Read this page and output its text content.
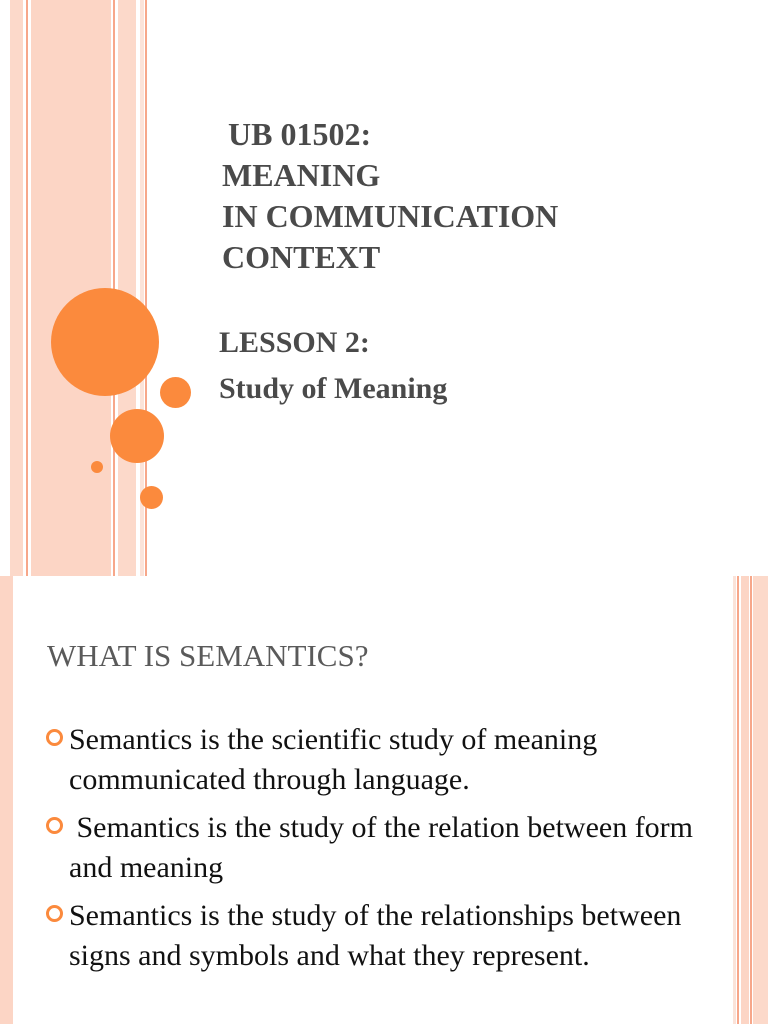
UB 01502:
MEANING
IN COMMUNICATION
CONTEXT
LESSON 2:
Study of Meaning
WHAT IS SEMANTICS?
Semantics is the scientific study of meaning communicated through language.
Semantics is the study of the relation between form and meaning
Semantics is the study of the relationships between signs and symbols and what they represent.
